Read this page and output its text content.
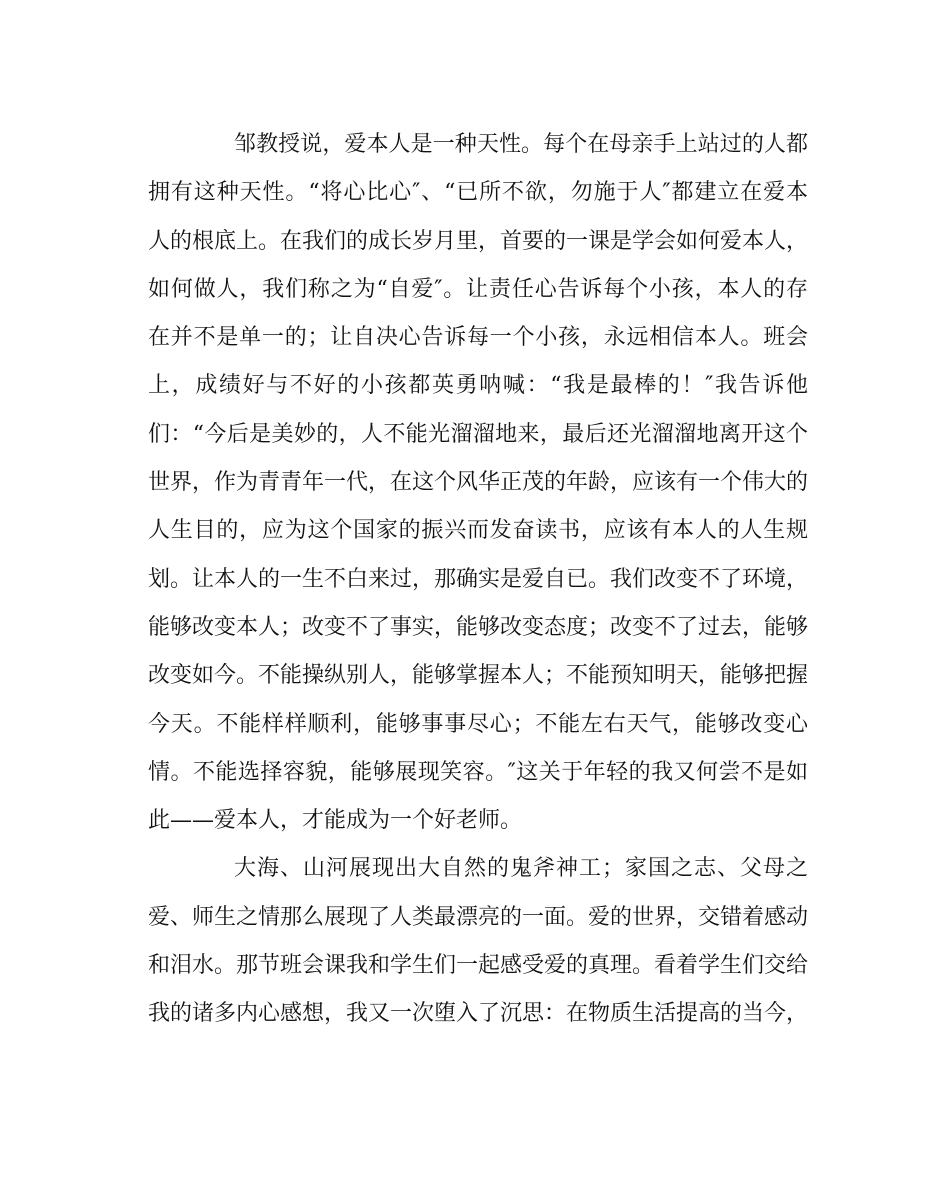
邹教授说，爱本人是一种天性。每个在母亲手上站过的人都
拥有这种天性。“将心比心″、“已所不欲，勿施于人″都建立在爱本
人的根底上。在我们的成长岁月里，首要的一课是学会如何爱本人，
如何做人，我们称之为“自爱″。让责任心告诉每个小孩，本人的存
在并不是单一的；让自决心告诉每一个小孩，永远相信本人。班会
上，成绩好与不好的小孩都英勇呐喊：“我是最棒的！″我告诉他
们：“今后是美妙的，人不能光溜溜地来，最后还光溜溜地离开这个
世界，作为青青年一代，在这个风华正茂的年龄，应该有一个伟大的
人生目的，应为这个国家的振兴而发奋读书，应该有本人的人生规
划。让本人的一生不白来过，那确实是爱自已。我们改变不了环境，
能够改变本人；改变不了事实，能够改变态度；改变不了过去，能够
改变如今。不能操纵别人，能够掌握本人；不能预知明天，能够把握
今天。不能样样顺利，能够事事尽心；不能左右天气，能够改变心
情。不能选择容貌，能够展现笑容。″这关于年轻的我又何尝不是如
此——爱本人，才能成为一个好老师。
大海、山河展现出大自然的鬼斧神工；家国之志、父母之
爱、师生之情那么展现了人类最漂亮的一面。爱的世界，交错着感动
和泪水。那节班会课我和学生们一起感受爱的真理。看着学生们交给
我的诸多内心感想，我又一次堕入了沉思：在物质生活提高的当今，
